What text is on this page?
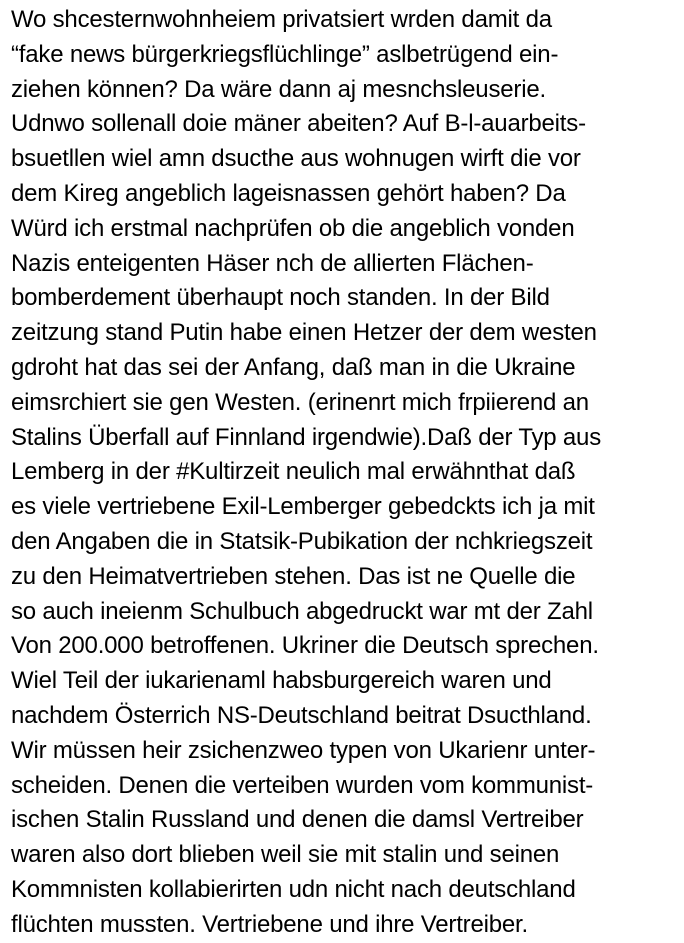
Wo shcesternwohnheiem privatsiert wrden damit da
“fake news bürgerkriegsflüchlinge” aslbetrügend ein-
ziehen können? Da wäre dann aj mesnchsleuserie.
Udnwo sollenall doie mäner abeiten? Auf B-l-auarbeits-
bsuetllen wiel amn dsucthe aus wohnugen wirft die vor
dem Kireg angeblich lageisnassen gehört haben? Da
Würd ich erstmal nachprüfen ob die angeblich vonden
Nazis enteigenten Häser nch de allierten Flächen-
bomberdement überhaupt noch standen. In der Bild
zeitzung stand Putin habe einen Hetzer der dem westen
gdroht hat das sei der Anfang, daß man in die Ukraine
eimsrchiert sie gen Westen. (erinenrt mich frpiierend an
Stalins Überfall auf Finnland irgendwie).Daß der Typ aus
Lemberg in der #Kultirzeit neulich mal erwähnthat daß
es viele vertriebene Exil-Lemberger gebedckts ich ja mit
den Angaben die in Statsik-Pubikation der nchkriegszeit
zu den Heimatvertrieben stehen. Das ist ne Quelle die
so auch ineienm Schulbuch abgedruckt war mt der Zahl
Von 200.000 betroffenen. Ukriner die Deutsch sprechen.
Wiel Teil der iukarienaml habsburgereich waren und
nachdem Österrich NS-Deutschland beitrat Dsucthland.
Wir müssen heir zsichenzweo typen von Ukarienr unter-
scheiden. Denen die verteiben wurden vom kommunist-
ischen Stalin Russland und denen die damsl Vertreiber
waren also dort blieben weil sie mit stalin und seinen
Kommnisten kollabierirten udn nicht nach deutschland
flüchten mussten. Vertriebene und ihre Vertreiber.
